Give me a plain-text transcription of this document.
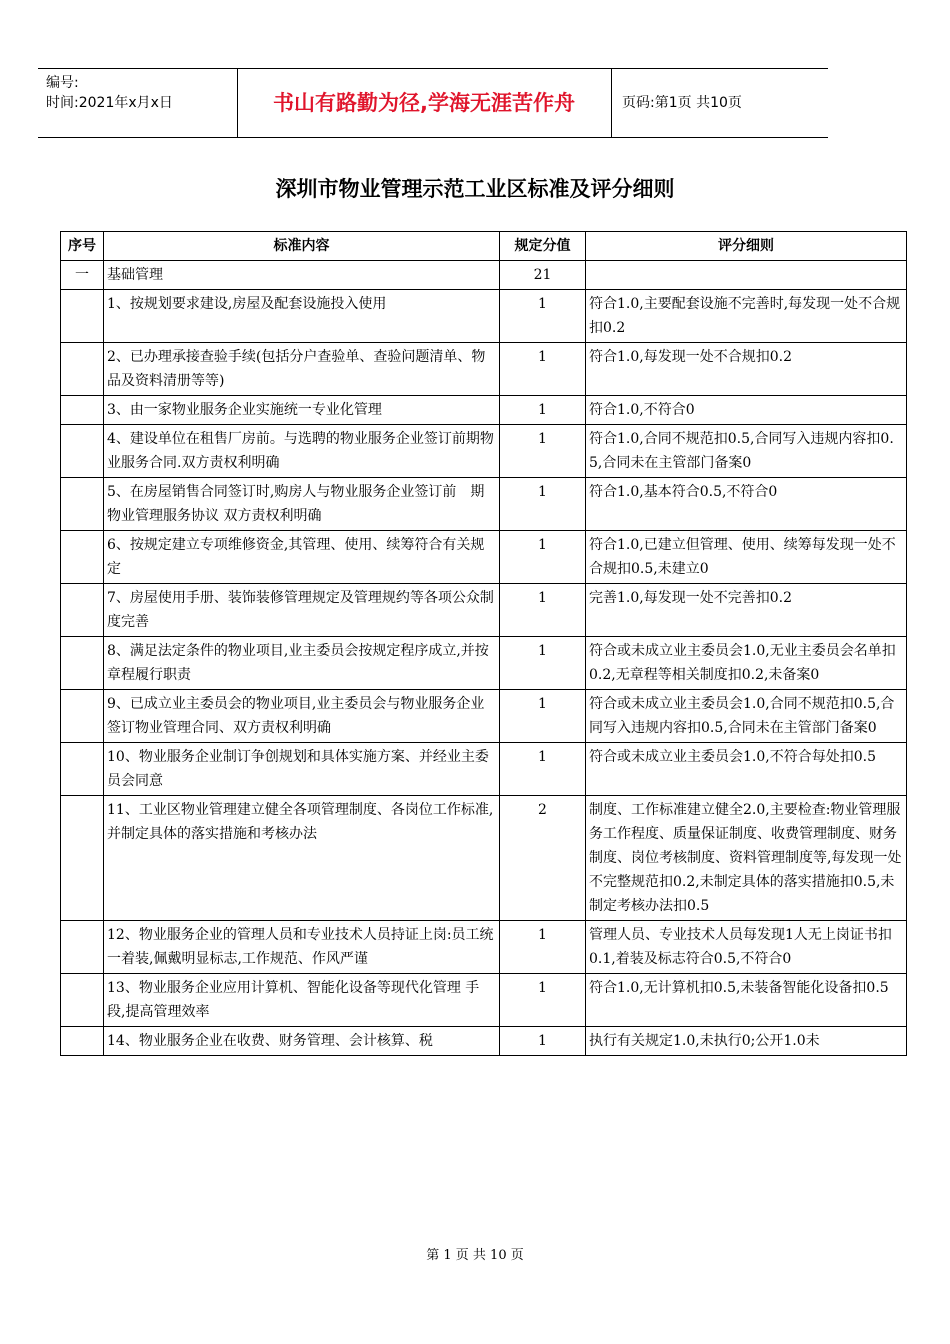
编号:
时间:2021年x月x日	书山有路勤为径,学海无涯苦作舟	页码:第1页 共10页
深圳市物业管理示范工业区标准及评分细则
序号	标准内容	规定分值	评分细则
一	基础管理	21	
	1、按规划要求建设,房屋及配套设施投入使用	1	符合1.0,主要配套设施不完善时,每发现一处不合规扣0.2
	2、已办理承接查验手续(包括分户查验单、查验问题清单、物品及资料清册等等)	1	符合1.0,每发现一处不合规扣0.2
	3、由一家物业服务企业实施统一专业化管理	1	符合1.0,不符合0
	4、建设单位在租售厂房前。与选聘的物业服务企业签订前期物业服务合同.双方责权利明确	1	符合1.0,合同不规范扣0.5,合同写入违规内容扣0.5,合同未在主管部门备案0
	5、在房屋销售合同签订时,购房人与物业服务企业签订前　期物业管理服务协议 双方责权利明确	1	符合1.0,基本符合0.5,不符合0
	6、按规定建立专项维修资金,其管理、使用、续筹符合有关规定	1	符合1.0,已建立但管理、使用、续筹每发现一处不合规扣0.5,未建立0
	7、房屋使用手册、装饰装修管理规定及管理规约等各项公众制度完善	1	完善1.0,每发现一处不完善扣0.2
	8、满足法定条件的物业项目,业主委员会按规定程序成立,并按章程履行职责	1	符合或未成立业主委员会1.0,无业主委员会名单扣0.2,无章程等相关制度扣0.2,未备案0
	9、已成立业主委员会的物业项目,业主委员会与物业服务企业签订物业管理合同、双方责权利明确	1	符合或未成立业主委员会1.0,合同不规范扣0.5,合同写入违规内容扣0.5,合同未在主管部门备案0
	10、物业服务企业制订争创规划和具体实施方案、并经业主委员会同意	1	符合或未成立业主委员会1.0,不符合每处扣0.5
	11、工业区物业管理建立健全各项管理制度、各岗位工作标准,并制定具体的落实措施和考核办法	2	制度、工作标准建立健全2.0,主要检查:物业管理服务工作程度、质量保证制度、收费管理制度、财务制度、岗位考核制度、资料管理制度等,每发现一处不完整规范扣0.2,未制定具体的落实措施扣0.5,未制定考核办法扣0.5
	12、物业服务企业的管理人员和专业技术人员持证上岗:员工统一着装,佩戴明显标志,工作规范、作风严谨	1	管理人员、专业技术人员每发现1人无上岗证书扣0.1,着装及标志符合0.5,不符合0
	13、物业服务企业应用计算机、智能化设备等现代化管理 手段,提高管理效率	1	符合1.0,无计算机扣0.5,未装备智能化设备扣0.5
	14、物业服务企业在收费、财务管理、会计核算、税	1	执行有关规定1.0,未执行0;公开1.0未
第 1 页 共 10 页
